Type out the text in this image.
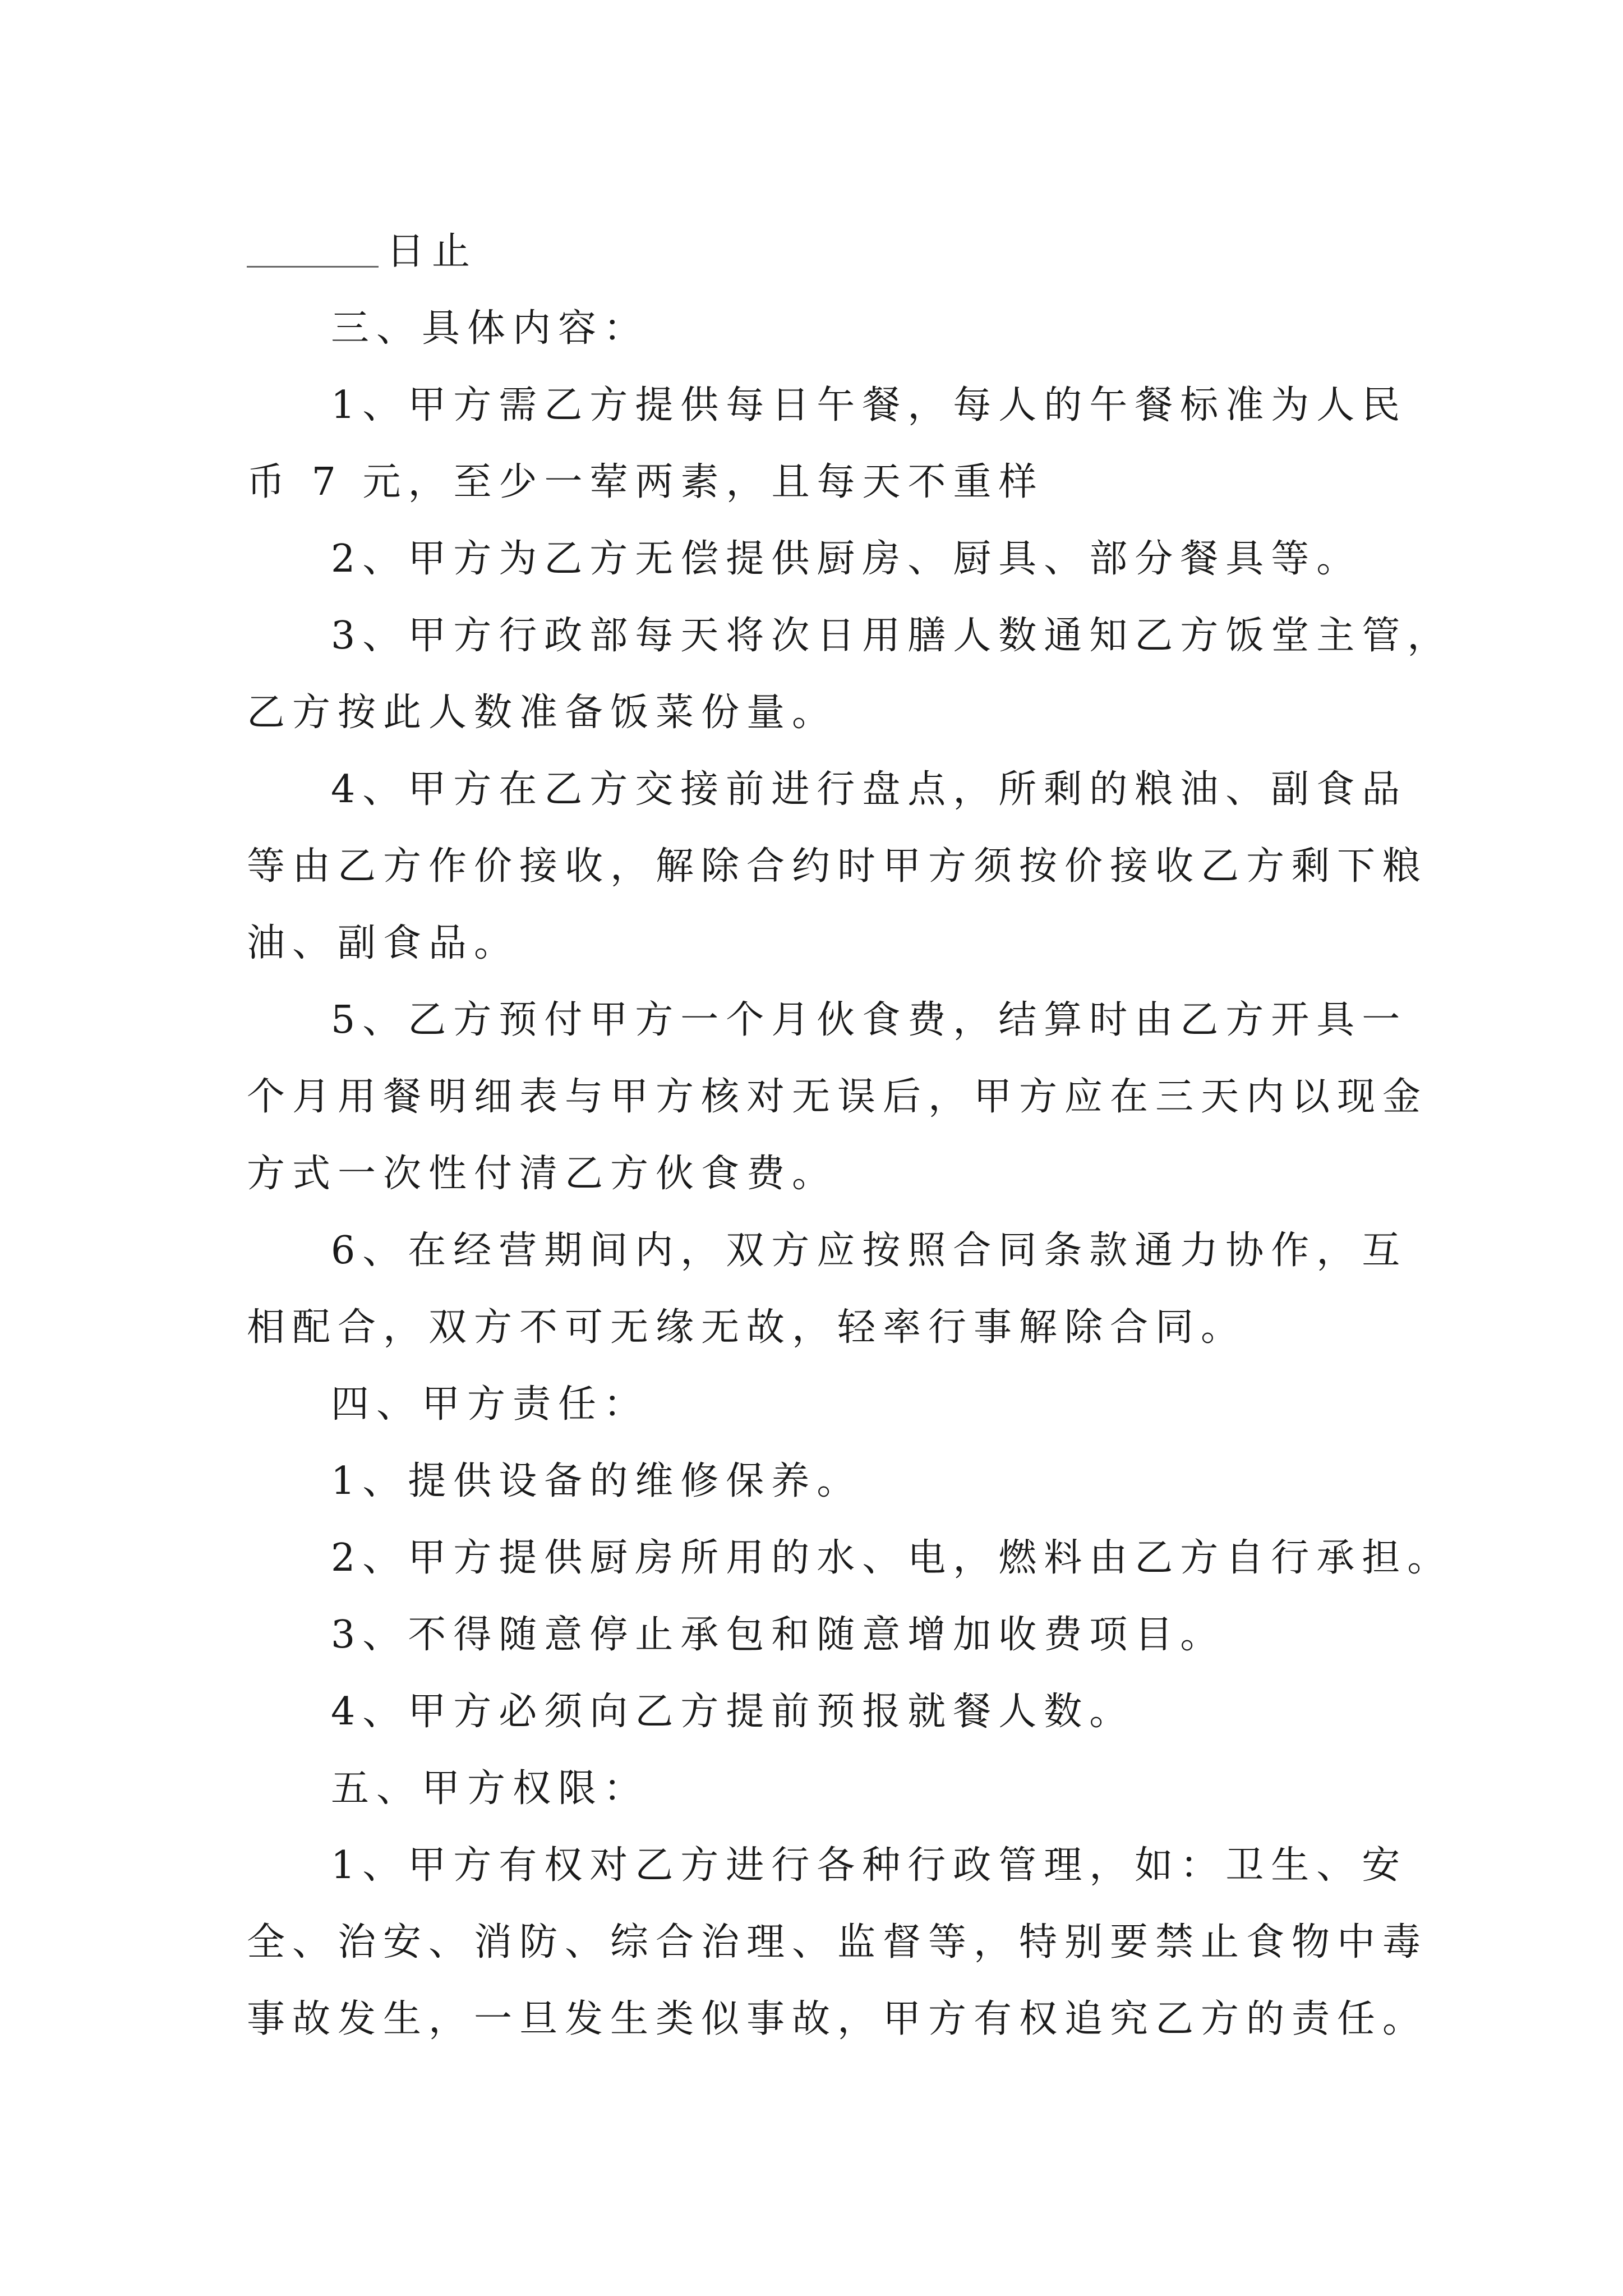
日止
三、具体内容：
1、甲方需乙方提供每日午餐，每人的午餐标准为人民
币 7 元，至少一荤两素，且每天不重样
2、甲方为乙方无偿提供厨房、厨具、部分餐具等。
3、甲方行政部每天将次日用膳人数通知乙方饭堂主管，
乙方按此人数准备饭菜份量。
4、甲方在乙方交接前进行盘点，所剩的粮油、副食品
等由乙方作价接收，解除合约时甲方须按价接收乙方剩下粮
油、副食品。
5、乙方预付甲方一个月伙食费，结算时由乙方开具一
个月用餐明细表与甲方核对无误后，甲方应在三天内以现金
方式一次性付清乙方伙食费。
6、在经营期间内，双方应按照合同条款通力协作，互
相配合，双方不可无缘无故，轻率行事解除合同。
四、甲方责任：
1、提供设备的维修保养。
2、甲方提供厨房所用的水、电，燃料由乙方自行承担。
3、不得随意停止承包和随意增加收费项目。
4、甲方必须向乙方提前预报就餐人数。
五、甲方权限：
1、甲方有权对乙方进行各种行政管理，如：卫生、安
全、治安、消防、综合治理、监督等，特别要禁止食物中毒
事故发生，一旦发生类似事故，甲方有权追究乙方的责任。
